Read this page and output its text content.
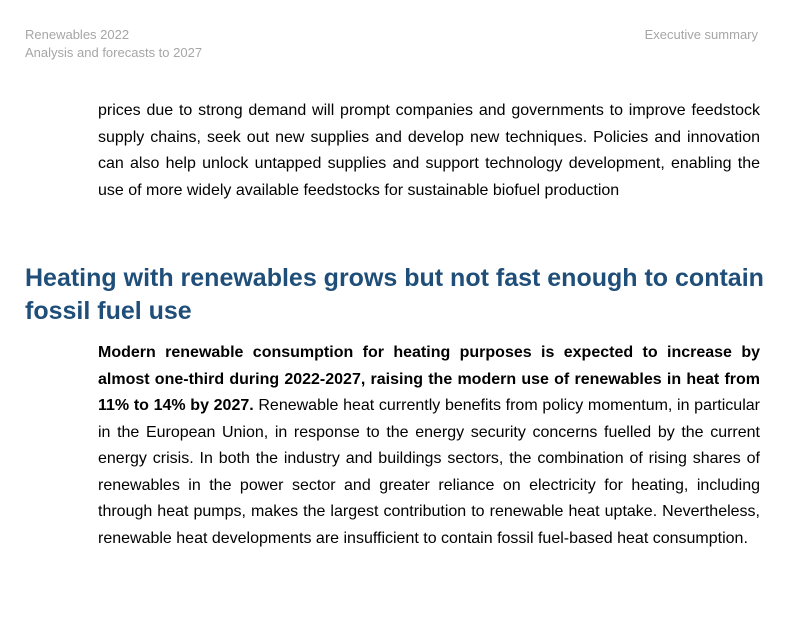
Renewables 2022
Analysis and forecasts to 2027
Executive summary

prices due to strong demand will prompt companies and governments to improve feedstock supply chains, seek out new supplies and develop new techniques. Policies and innovation can also help unlock untapped supplies and support technology development, enabling the use of more widely available feedstocks for sustainable biofuel production

Heating with renewables grows but not fast enough to contain fossil fuel use

Modern renewable consumption for heating purposes is expected to increase by almost one-third during 2022-2027, raising the modern use of renewables in heat from 11% to 14% by 2027. Renewable heat currently benefits from policy momentum, in particular in the European Union, in response to the energy security concerns fuelled by the current energy crisis. In both the industry and buildings sectors, the combination of rising shares of renewables in the power sector and greater reliance on electricity for heating, including through heat pumps, makes the largest contribution to renewable heat uptake. Nevertheless, renewable heat developments are insufficient to contain fossil fuel-based heat consumption.
